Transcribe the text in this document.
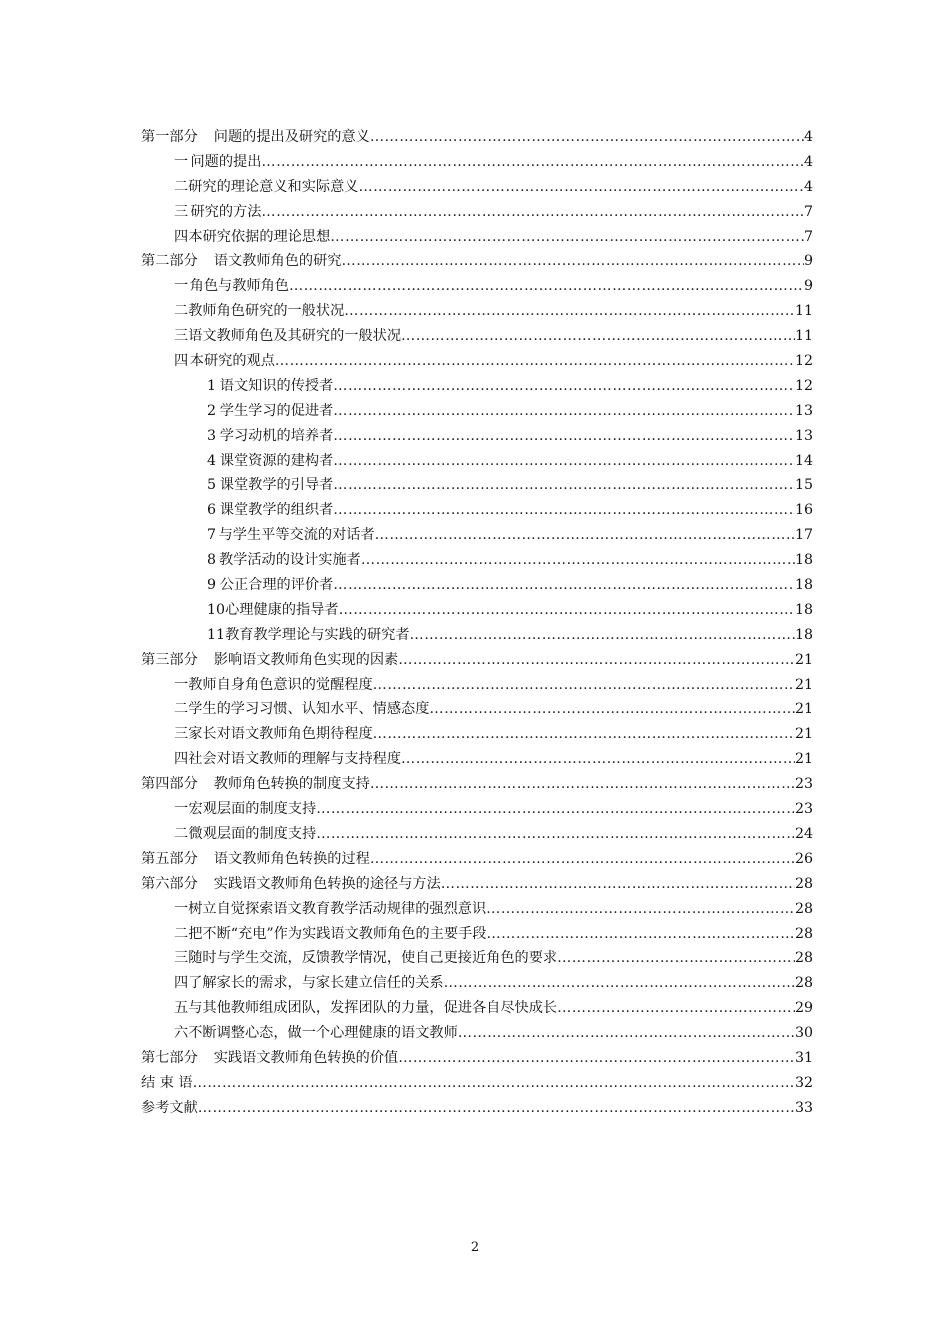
第一部分 问题的提出及研究的意义 ……………………………………………………………………………………………………………………………………………………………………………………………………	4
一 问题的提出 ……………………………………………………………………………………………………………………………………………………………………………………………………	4
二 研究的理论意义和实际意义 ……………………………………………………………………………………………………………………………………………………………………………………………………	4
三 研究的方法 ……………………………………………………………………………………………………………………………………………………………………………………………………	7
四 本研究依据的理论思想 ……………………………………………………………………………………………………………………………………………………………………………………………………	7
第二部分 语文教师角色的研究 ……………………………………………………………………………………………………………………………………………………………………………………………………	9
一 角色与教师角色 ……………………………………………………………………………………………………………………………………………………………………………………………………	9
二 教师角色研究的一般状况 ……………………………………………………………………………………………………………………………………………………………………………………………………	11
三 语文教师角色及其研究的一般状况 ……………………………………………………………………………………………………………………………………………………………………………………………………	11
四 本研究的观点 ……………………………………………………………………………………………………………………………………………………………………………………………………	12
1 语文知识的传授者 ……………………………………………………………………………………………………………………………………………………………………………………………………	12
2 学生学习的促进者 ……………………………………………………………………………………………………………………………………………………………………………………………………	13
3 学习动机的培养者 ……………………………………………………………………………………………………………………………………………………………………………………………………	13
4 课堂资源的建构者 ……………………………………………………………………………………………………………………………………………………………………………………………………	14
5 课堂教学的引导者 ……………………………………………………………………………………………………………………………………………………………………………………………………	15
6 课堂教学的组织者 ……………………………………………………………………………………………………………………………………………………………………………………………………	16
7 与学生平等交流的对话者 ……………………………………………………………………………………………………………………………………………………………………………………………………	17
8 教学活动的设计实施者 ……………………………………………………………………………………………………………………………………………………………………………………………………	18
9 公正合理的评价者 ……………………………………………………………………………………………………………………………………………………………………………………………………	18
10 心理健康的指导者 ……………………………………………………………………………………………………………………………………………………………………………………………………	18
11 教育教学理论与实践的研究者 ……………………………………………………………………………………………………………………………………………………………………………………………………	18
第三部分 影响语文教师角色实现的因素 ……………………………………………………………………………………………………………………………………………………………………………………………………	21
一 教师自身角色意识的觉醒程度 ……………………………………………………………………………………………………………………………………………………………………………………………………	21
二 学生的学习习惯、认知水平、情感态度 ……………………………………………………………………………………………………………………………………………………………………………………………………	21
三 家长对语文教师角色期待程度 ……………………………………………………………………………………………………………………………………………………………………………………………………	21
四 社会对语文教师的理解与支持程度 ……………………………………………………………………………………………………………………………………………………………………………………………………	21
第四部分 教师角色转换的制度支持 ……………………………………………………………………………………………………………………………………………………………………………………………………	23
一 宏观层面的制度支持 ……………………………………………………………………………………………………………………………………………………………………………………………………	23
二 微观层面的制度支持 ……………………………………………………………………………………………………………………………………………………………………………………………………	24
第五部分 语文教师角色转换的过程 ……………………………………………………………………………………………………………………………………………………………………………………………………	26
第六部分 实践语文教师角色转换的途径与方法 ……………………………………………………………………………………………………………………………………………………………………………………………………	28
一 树立自觉探索语文教育教学活动规律的强烈意识 ……………………………………………………………………………………………………………………………………………………………………………………………………	28
二 把不断“充电”作为实践语文教师角色的主要手段 ……………………………………………………………………………………………………………………………………………………………………………………………………	28
三 随时与学生交流，反馈教学情况，使自己更接近角色的要求 ……………………………………………………………………………………………………………………………………………………………………………………………………	28
四 了解家长的需求，与家长建立信任的关系 ……………………………………………………………………………………………………………………………………………………………………………………………………	28
五 与其他教师组成团队，发挥团队的力量，促进各自尽快成长 ……………………………………………………………………………………………………………………………………………………………………………………………………	29
六 不断调整心态，做一个心理健康的语文教师 ……………………………………………………………………………………………………………………………………………………………………………………………………	30
第七部分 实践语文教师角色转换的价值 ……………………………………………………………………………………………………………………………………………………………………………………………………	31
结 束 语 ……………………………………………………………………………………………………………………………………………………………………………………………………	32
参考文献 ……………………………………………………………………………………………………………………………………………………………………………………………………	33
2
